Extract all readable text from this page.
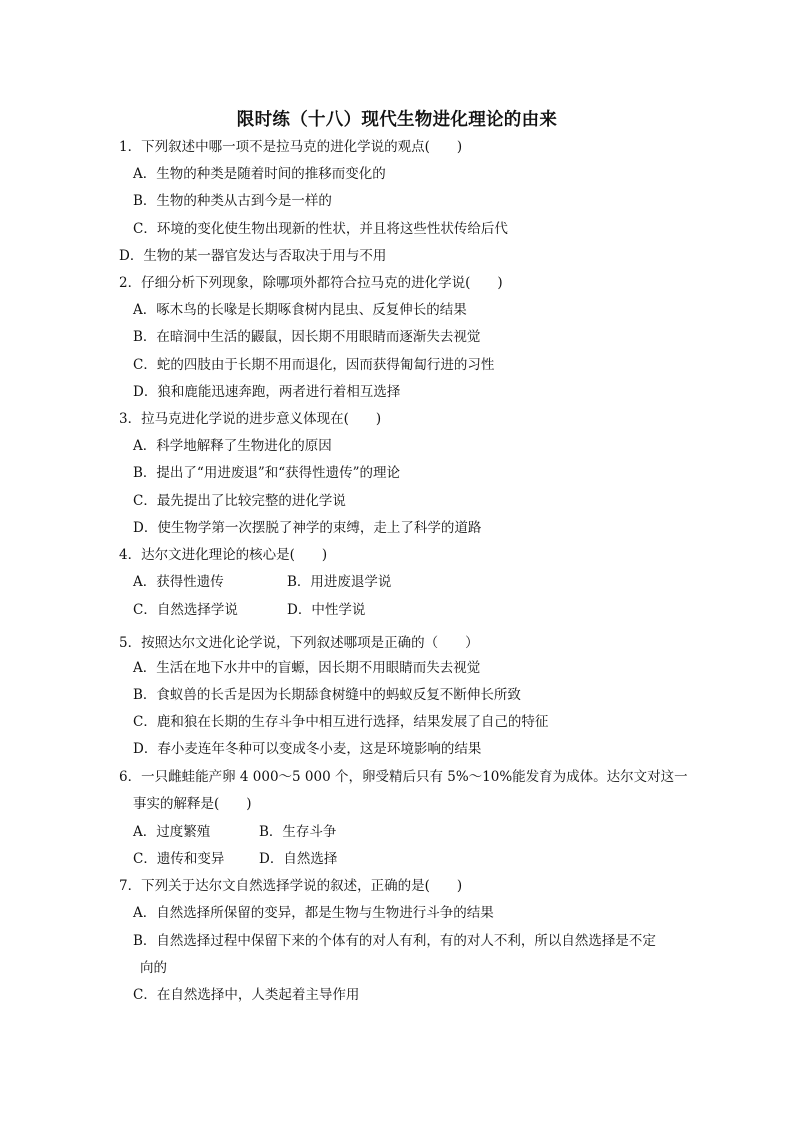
限时练（十八）现代生物进化理论的由来
1．下列叙述中哪一项不是拉马克的进化学说的观点(　　)
A．生物的种类是随着时间的推移而变化的
B．生物的种类从古到今是一样的
C．环境的变化使生物出现新的性状，并且将这些性状传给后代
D．生物的某一器官发达与否取决于用与不用
2．仔细分析下列现象，除哪项外都符合拉马克的进化学说(　　)
A．啄木鸟的长喙是长期啄食树内昆虫、反复伸长的结果
B．在暗洞中生活的鼹鼠，因长期不用眼睛而逐渐失去视觉
C．蛇的四肢由于长期不用而退化，因而获得匍匐行进的习性
D．狼和鹿能迅速奔跑，两者进行着相互选择
3．拉马克进化学说的进步意义体现在(　　)
A．科学地解释了生物进化的原因
B．提出了“用进废退”和“获得性遗传”的理论
C．最先提出了比较完整的进化学说
D．使生物学第一次摆脱了神学的束缚，走上了科学的道路
4．达尔文进化理论的核心是(　　)
A．获得性遗传	B．用进废退学说
C．自然选择学说	D．中性学说
5．按照达尔文进化论学说，下列叙述哪项是正确的（　　）
A．生活在地下水井中的盲螈，因长期不用眼睛而失去视觉
B．食蚁兽的长舌是因为长期舔食树缝中的蚂蚁反复不断伸长所致
C．鹿和狼在长期的生存斗争中相互进行选择，结果发展了自己的特征
D．春小麦连年冬种可以变成冬小麦，这是环境影响的结果
6．一只雌蛙能产卵 4 000～5 000 个，卵受精后只有 5%～10%能发育为成体。达尔文对这一
事实的解释是(　　)
A．过度繁殖	B．生存斗争
C．遗传和变异	D．自然选择
7．下列关于达尔文自然选择学说的叙述，正确的是(　　)
A．自然选择所保留的变异，都是生物与生物进行斗争的结果
B．自然选择过程中保留下来的个体有的对人有利，有的对人不利，所以自然选择是不定
向的
C．在自然选择中，人类起着主导作用
